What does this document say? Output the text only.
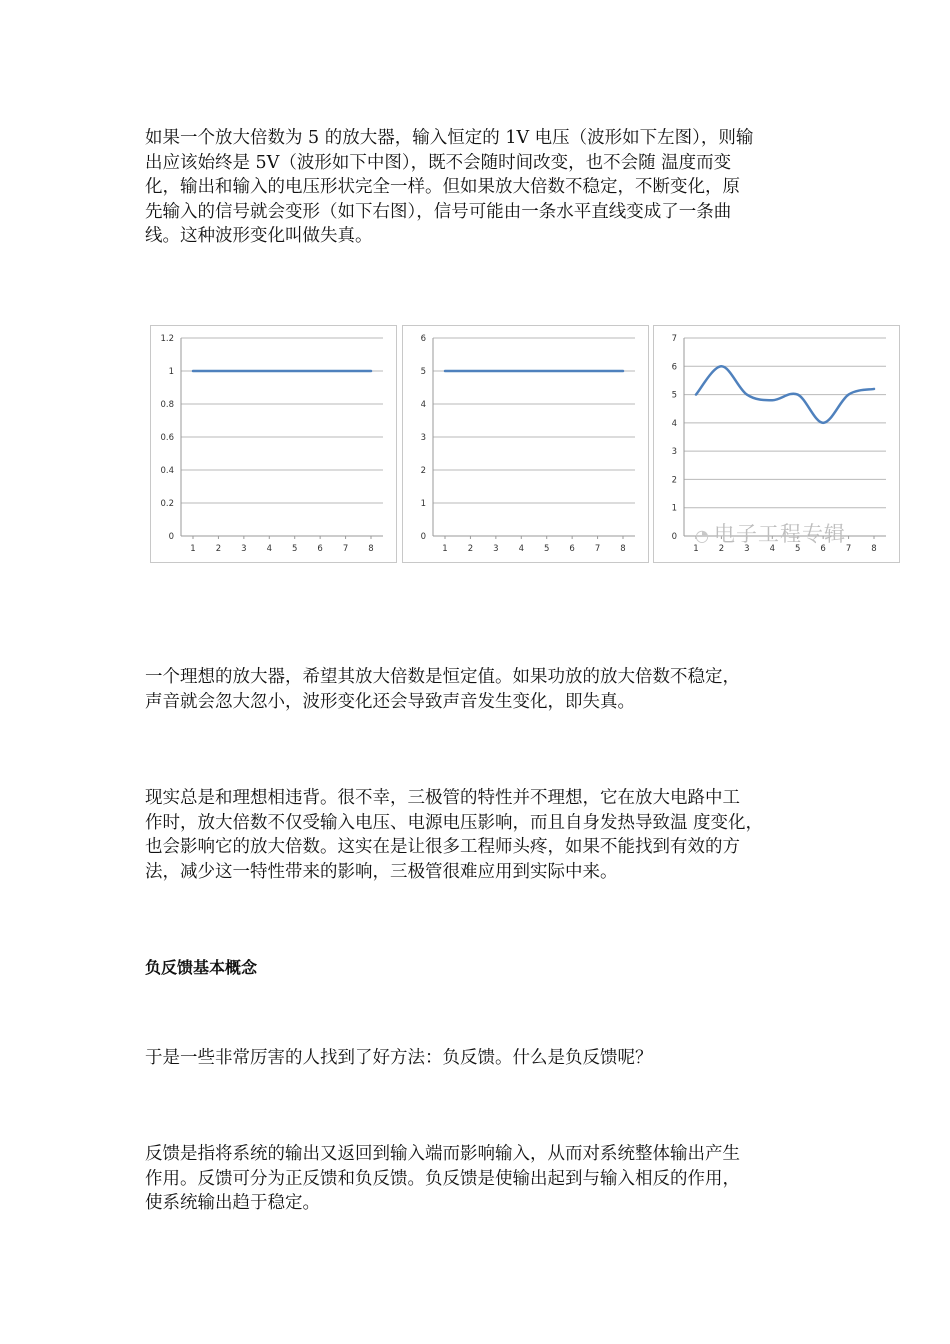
如果一个放大倍数为 5 的放大器，输入恒定的 1V 电压（波形如下左图），则输
出应该始终是 5V（波形如下中图），既不会随时间改变，也不会随 温度而变
化，输出和输入的电压形状完全一样。但如果放大倍数不稳定，不断变化，原
先输入的信号就会变形（如下右图），信号可能由一条水平直线变成了一条曲
线。这种波形变化叫做失真。
0
0.2
0.4
0.6
0.8
1
1.2
1 2 3 4 5 6 7 8
0
1
2
3
4
5
6
1 2 3 4 5 6 7 8
0
1
2
3
4
5
6
7
1 2 3 4 5 6 7 8
◔ 电子工程专辑
一个理想的放大器，希望其放大倍数是恒定值。如果功放的放大倍数不稳定，
声音就会忽大忽小，波形变化还会导致声音发生变化，即失真。
现实总是和理想相违背。很不幸，三极管的特性并不理想，它在放大电路中工
作时，放大倍数不仅受输入电压、电源电压影响，而且自身发热导致温 度变化，
也会影响它的放大倍数。这实在是让很多工程师头疼，如果不能找到有效的方
法，减少这一特性带来的影响，三极管很难应用到实际中来。
负反馈基本概念
于是一些非常厉害的人找到了好方法：负反馈。什么是负反馈呢？
反馈是指将系统的输出又返回到输入端而影响输入，从而对系统整体输出产生
作用。反馈可分为正反馈和负反馈。负反馈是使输出起到与输入相反的作用，
使系统输出趋于稳定。
